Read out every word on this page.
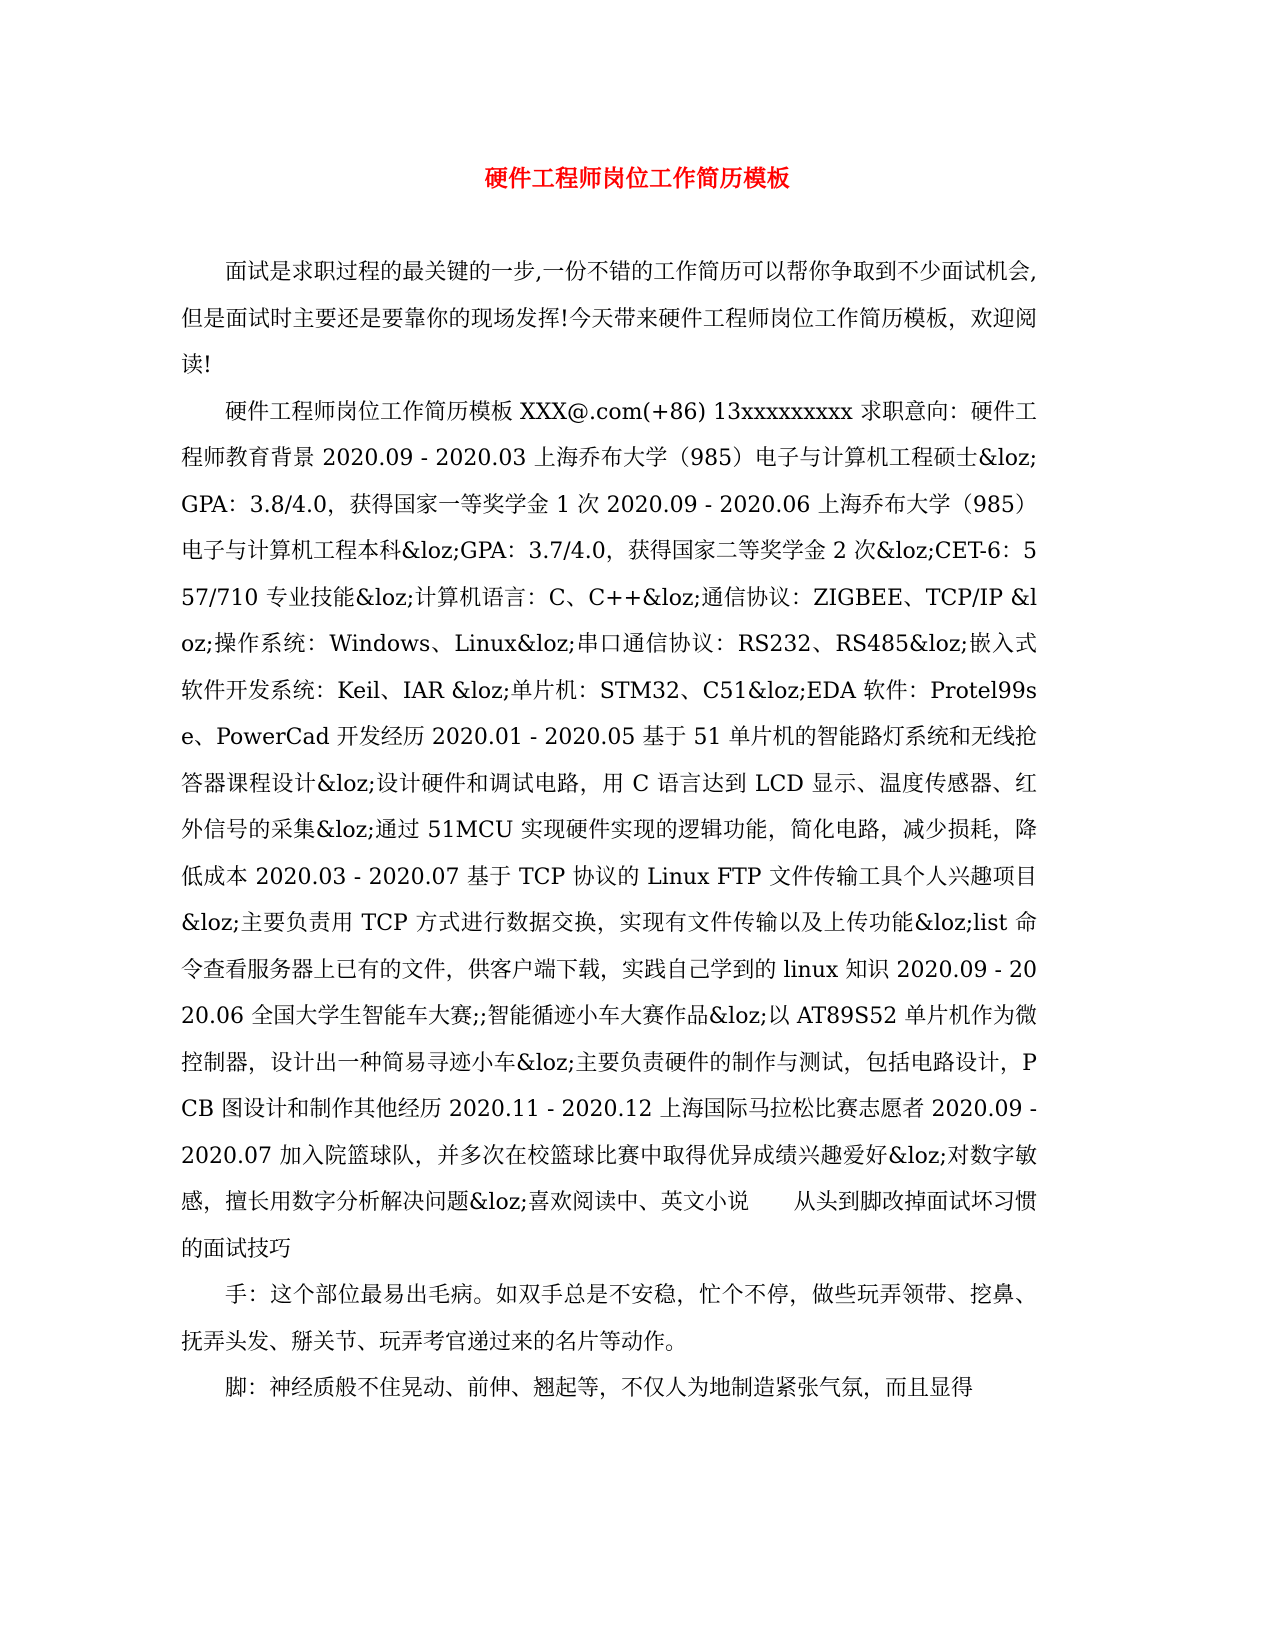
硬件工程师岗位工作简历模板

面试是求职过程的最关键的一步,一份不错的工作简历可以帮你争取到不少面试机会,但是面试时主要还是要靠你的现场发挥!今天带来硬件工程师岗位工作简历模板，欢迎阅读!

硬件工程师岗位工作简历模板 XXX@.com(+86) 13xxxxxxxxx 求职意向：硬件工程师教育背景 2020.09 - 2020.03 上海乔布大学（985）电子与计算机工程硕士&loz;GPA：3.8/4.0，获得国家一等奖学金 1 次 2020.09 - 2020.06 上海乔布大学（985）电子与计算机工程本科&loz;GPA：3.7/4.0，获得国家二等奖学金 2 次&loz;CET-6：557/710 专业技能&loz;计算机语言：C、C++&loz;通信协议：ZIGBEE、TCP/IP &loz;操作系统：Windows、Linux&loz;串口通信协议：RS232、RS485&loz;嵌入式软件开发系统：Keil、IAR &loz;单片机：STM32、C51&loz;EDA 软件：Protel99se、PowerCad 开发经历 2020.01 - 2020.05 基于 51 单片机的智能路灯系统和无线抢答器课程设计&loz;设计硬件和调试电路，用 C 语言达到 LCD 显示、温度传感器、红外信号的采集&loz;通过 51MCU 实现硬件实现的逻辑功能，简化电路，减少损耗，降低成本 2020.03 - 2020.07 基于 TCP 协议的 Linux FTP 文件传输工具个人兴趣项目&loz;主要负责用 TCP 方式进行数据交换，实现有文件传输以及上传功能&loz;list 命令查看服务器上已有的文件，供客户端下载，实践自己学到的 linux 知识 2020.09 - 2020.06 全国大学生智能车大赛;;智能循迹小车大赛作品&loz;以 AT89S52 单片机作为微控制器，设计出一种简易寻迹小车&loz;主要负责硬件的制作与测试，包括电路设计，PCB 图设计和制作其他经历 2020.11 - 2020.12 上海国际马拉松比赛志愿者 2020.09 - 2020.07 加入院篮球队，并多次在校篮球比赛中取得优异成绩兴趣爱好&loz;对数字敏感，擅长用数字分析解决问题&loz;喜欢阅读中、英文小说　　从头到脚改掉面试坏习惯的面试技巧

手：这个部位最易出毛病。如双手总是不安稳，忙个不停，做些玩弄领带、挖鼻、抚弄头发、掰关节、玩弄考官递过来的名片等动作。

脚：神经质般不住晃动、前伸、翘起等，不仅人为地制造紧张气氛，而且显得
